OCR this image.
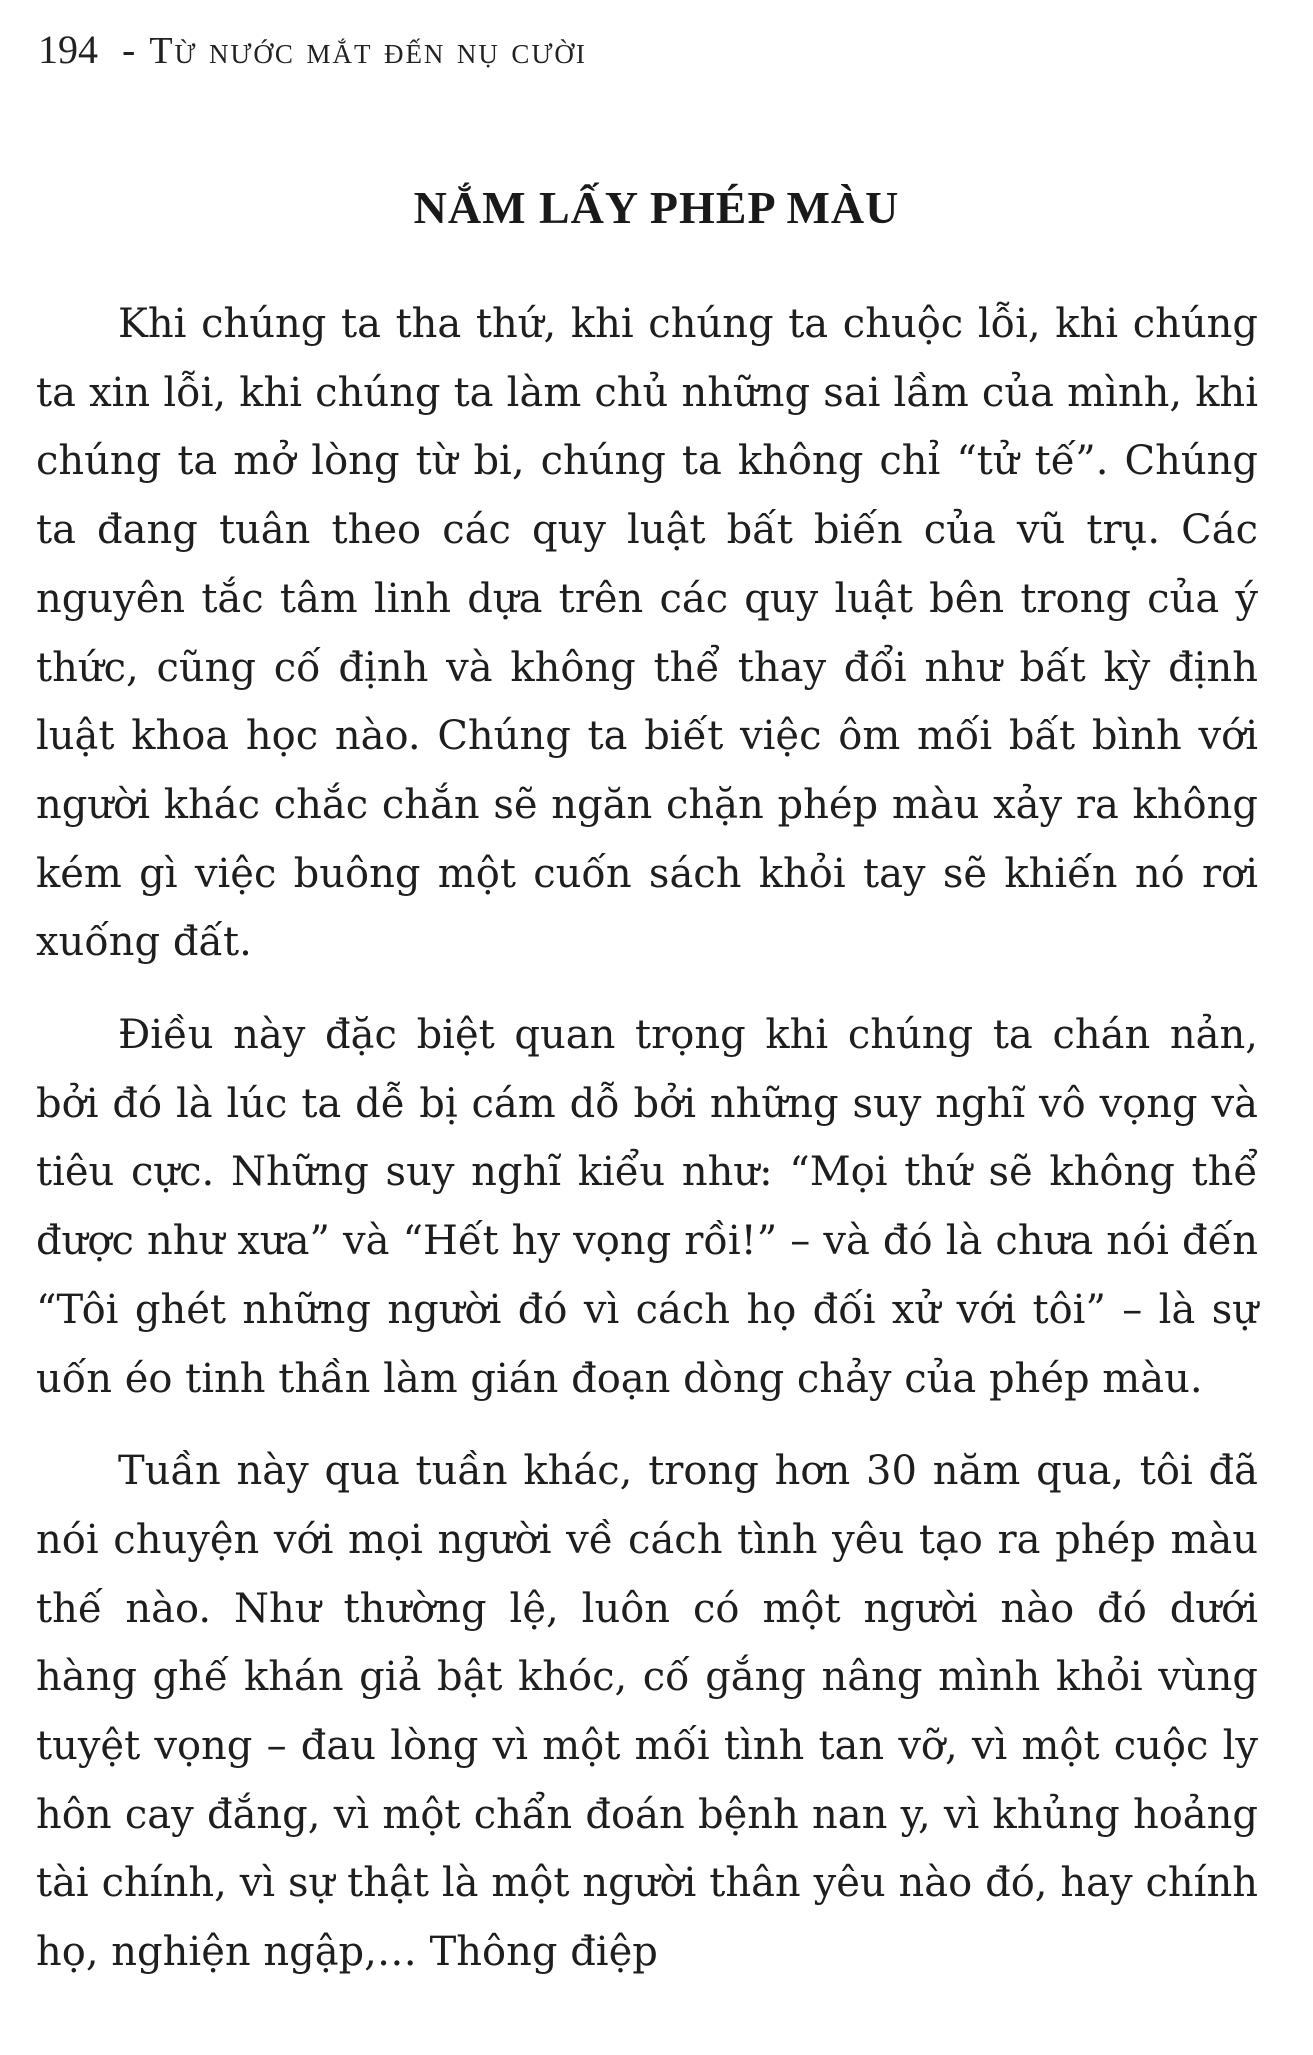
194 - Từ nước mắt đến nụ cười
NẮM LẤY PHÉP MÀU

Khi chúng ta tha thứ, khi chúng ta chuộc lỗi, khi chúng ta xin lỗi, khi chúng ta làm chủ những sai lầm của mình, khi chúng ta mở lòng từ bi, chúng ta không chỉ “tử tế”. Chúng ta đang tuân theo các quy luật bất biến của vũ trụ. Các nguyên tắc tâm linh dựa trên các quy luật bên trong của ý thức, cũng cố định và không thể thay đổi như bất kỳ định luật khoa học nào. Chúng ta biết việc ôm mối bất bình với người khác chắc chắn sẽ ngăn chặn phép màu xảy ra không kém gì việc buông một cuốn sách khỏi tay sẽ khiến nó rơi xuống đất.

Điều này đặc biệt quan trọng khi chúng ta chán nản, bởi đó là lúc ta dễ bị cám dỗ bởi những suy nghĩ vô vọng và tiêu cực. Những suy nghĩ kiểu như: “Mọi thứ sẽ không thể được như xưa” và “Hết hy vọng rồi!” – và đó là chưa nói đến “Tôi ghét những người đó vì cách họ đối xử với tôi” – là sự uốn éo tinh thần làm gián đoạn dòng chảy của phép màu.

Tuần này qua tuần khác, trong hơn 30 năm qua, tôi đã nói chuyện với mọi người về cách tình yêu tạo ra phép màu thế nào. Như thường lệ, luôn có một người nào đó dưới hàng ghế khán giả bật khóc, cố gắng nâng mình khỏi vùng tuyệt vọng – đau lòng vì một mối tình tan vỡ, vì một cuộc ly hôn cay đắng, vì một chẩn đoán bệnh nan y, vì khủng hoảng tài chính, vì sự thật là một người thân yêu nào đó, hay chính họ, nghiện ngập,… Thông điệp
